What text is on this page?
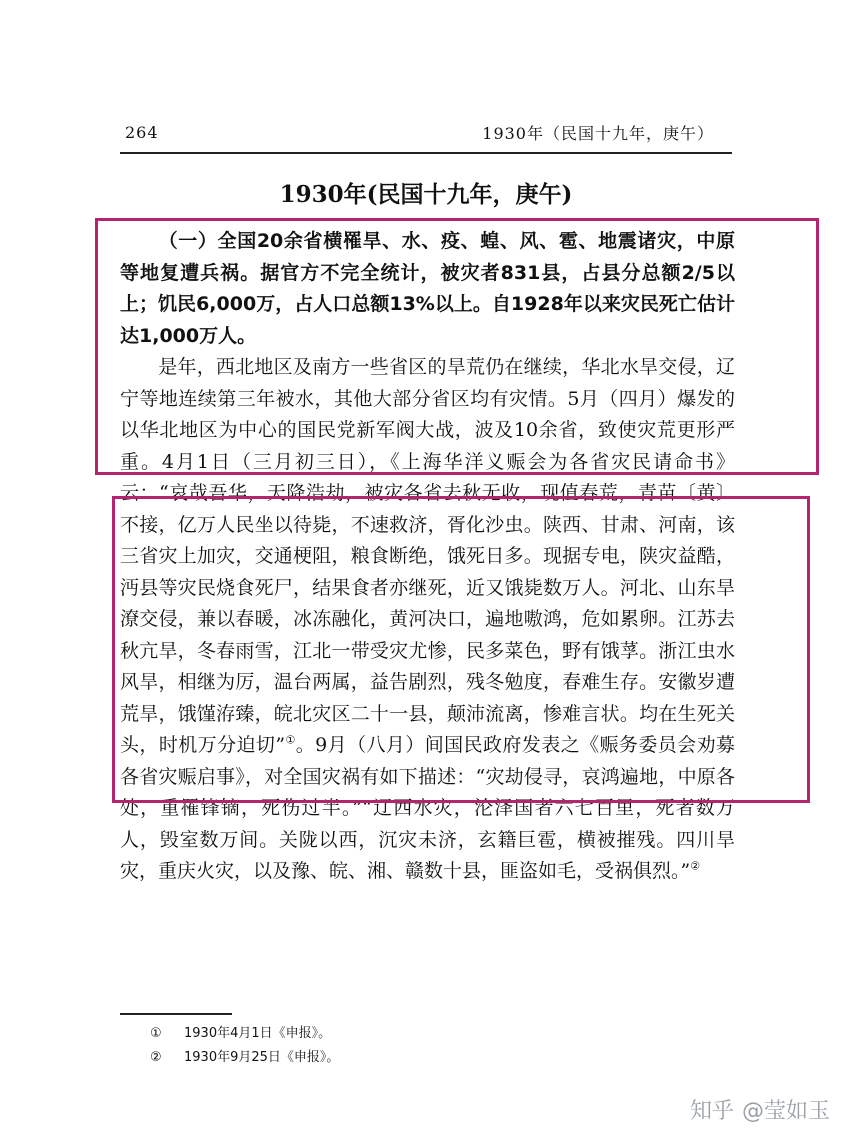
264	1930年（民国十九年，庚午）
1930年(民国十九年，庚午)
（一）全国20余省横罹旱、水、疫、蝗、风、雹、地震诸灾，中原等地复遭兵祸。据官方不完全统计，被灾者831县，占县分总额2/5以上；饥民6,000万，占人口总额13%以上。自1928年以来灾民死亡估计达1,000万人。
是年，西北地区及南方一些省区的旱荒仍在继续，华北水旱交侵，辽宁等地连续第三年被水，其他大部分省区均有灾情。5月（四月）爆发的以华北地区为中心的国民党新军阀大战，波及10余省，致使灾荒更形严重。4月1日（三月初三日），《上海华洋义赈会为各省灾民请命书》云：“哀哉吾华，天降浩劫，被灾各省去秋无收，现值春荒，青苗〔黄〕不接，亿万人民坐以待毙，不速救济，胥化沙虫。陕西、甘肃、河南，该三省灾上加灾，交通梗阻，粮食断绝，饿死日多。现据专电，陕灾益酷，沔县等灾民烧食死尸，结果食者亦继死，近又饿毙数万人。河北、山东旱潦交侵，兼以春暖，冰冻融化，黄河决口，遍地嗷鸿，危如累卵。江苏去秋亢旱，冬春雨雪，江北一带受灾尤惨，民多菜色，野有饿莩。浙江虫水风旱，相继为厉，温台两属，益告剧烈，残冬勉度，春难生存。安徽岁遭荒旱，饿馑洊臻，皖北灾区二十一县，颠沛流离，惨难言状。均在生死关头，时机万分迫切”①。9月（八月）间国民政府发表之《赈务委员会劝募各省灾赈启事》，对全国灾祸有如下描述：“灾劫侵寻，哀鸿遍地，中原各处，重罹锋镝，死伤过半。”“辽西水灾，沦泽国者六七百里，死者数万人，毁室数万间。关陇以西，沉灾未济，玄籍巨雹，横被摧残。四川旱灾，重庆火灾，以及豫、皖、湘、赣数十县，匪盗如毛，受祸俱烈。”②
① 1930年4月1日《申报》。
② 1930年9月25日《申报》。
知乎 @莹如玉
